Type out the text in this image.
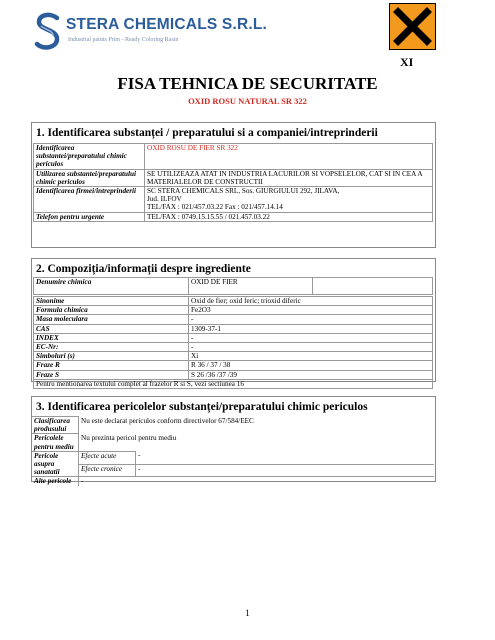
STERA CHEMICALS S.R.L.
Industrial paints Prim - Ready Coloring Rasin
XI
FISA TEHNICA DE SECURITATE
OXID ROSU NATURAL SR 322
1. Identificarea substanței / preparatului si a companiei/intreprinderii
Identificarea substantei/preparatului chimic periculos	OXID ROSU DE FIER SR 322
Utilizarea substantei/preparatului chimic periculos	SE UTILIZEAZA ATAT IN INDUSTRIA LACURILOR SI VOPSELELOR, CAT SI IN CEA A MATERIALELOR DE CONSTRUCTII
Identificarea firmei/intreprinderii	SC STERA CHEMICALS SRL, Sos. GIURGIULUI 292, JILAVA,
Jud. ILFOV
TEL/FAX : 021/457.03.22 Fax : 021/457.14.14

Telefon pentru urgente	TEL/FAX : 0749.15.15.55 / 021.457.03.22
2. Compoziția/informații despre ingrediente
Denumire chimica	OXID DE FIER	
Sinonime	Oxid de fier; oxid feric; trioxid diferic
Formula chimica	Fe2O3
Masa moleculara	-
CAS	1309-37-1
INDEX	-
EC-Nr:	-
Simboluri (s)	Xi
Fraze R	R 36 / 37 / 38
Fraze S	S 26 /36 /37 /39
Pentru mentionarea textului complet al frazelor R si S, vezi sectiunea 16	
3. Identificarea pericolelor substanței/preparatului chimic periculos
Clasificarea produsului	Nu este declarat periculos conform directivelor 67/584/EEC	
Pericolele pentru mediu	Nu prezinta pericol pentru mediu	
Pericole asupra sanatatii	Efecte acute	-
	Efecte cronice	-
Alte pericole	-	
1
